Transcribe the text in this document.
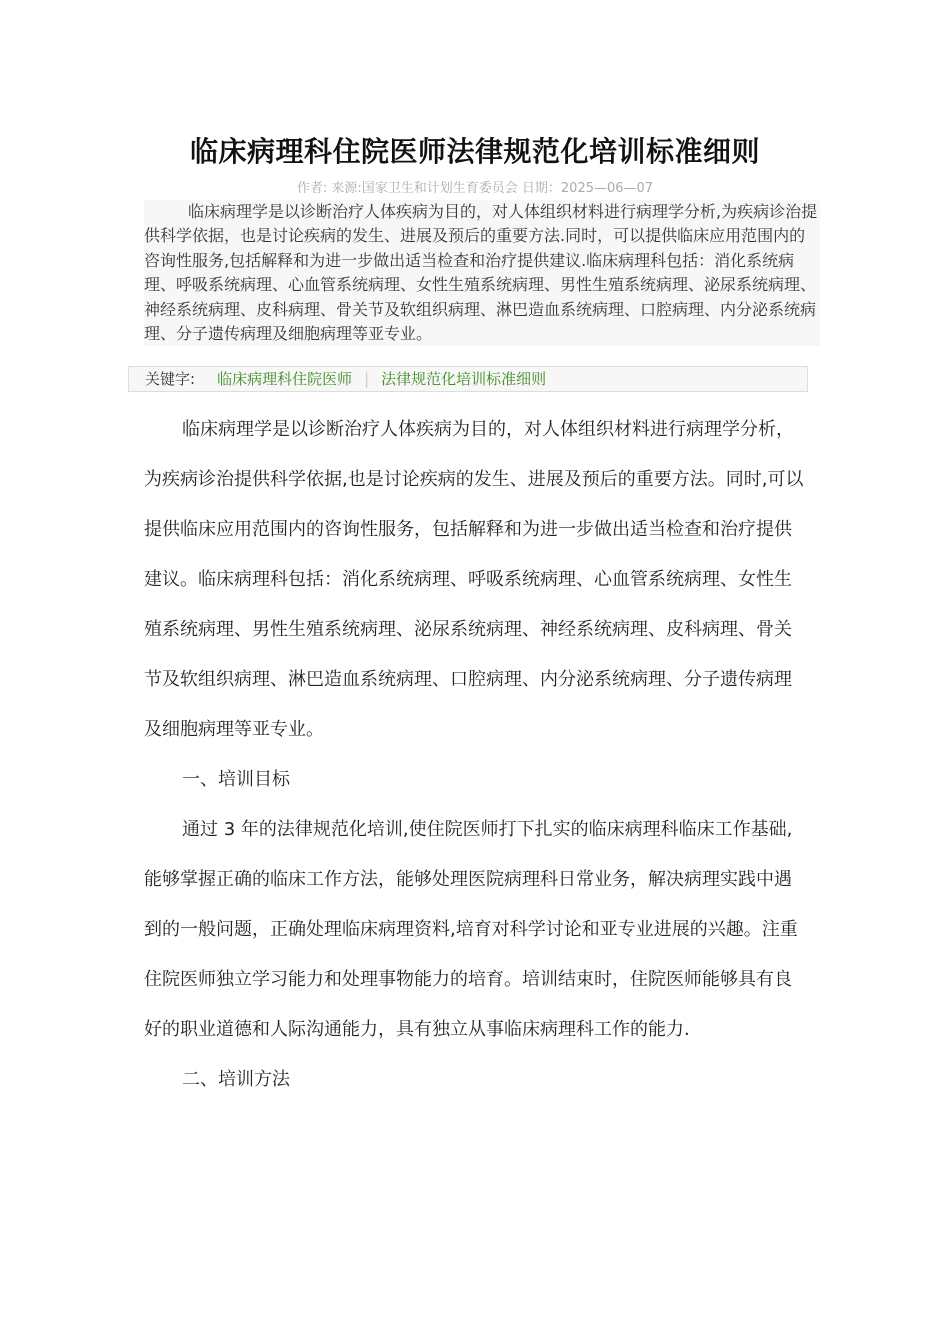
临床病理科住院医师法律规范化培训标准细则
作者: 来源:国家卫生和计划生育委员会 日期：2025—06—07

临床病理学是以诊断治疗人体疾病为目的，对人体组织材料进行病理学分析,为疾病诊治提供科学依据，也是讨论疾病的发生、进展及预后的重要方法.同时，可以提供临床应用范围内的咨询性服务,包括解释和为进一步做出适当检查和治疗提供建议.临床病理科包括：消化系统病理、呼吸系统病理、心血管系统病理、女性生殖系统病理、男性生殖系统病理、泌尿系统病理、神经系统病理、皮科病理、骨关节及软组织病理、淋巴造血系统病理、口腔病理、内分泌系统病理、分子遗传病理及细胞病理等亚专业。

关键字: 临床病理科住院医师 | 法律规范化培训标准细则

临床病理学是以诊断治疗人体疾病为目的，对人体组织材料进行病理学分析，为疾病诊治提供科学依据,也是讨论疾病的发生、进展及预后的重要方法。同时,可以提供临床应用范围内的咨询性服务，包括解释和为进一步做出适当检查和治疗提供建议。临床病理科包括：消化系统病理、呼吸系统病理、心血管系统病理、女性生殖系统病理、男性生殖系统病理、泌尿系统病理、神经系统病理、皮科病理、骨关节及软组织病理、淋巴造血系统病理、口腔病理、内分泌系统病理、分子遗传病理及细胞病理等亚专业。

一、培训目标

通过 3 年的法律规范化培训,使住院医师打下扎实的临床病理科临床工作基础,能够掌握正确的临床工作方法，能够处理医院病理科日常业务，解决病理实践中遇到的一般问题，正确处理临床病理资料,培育对科学讨论和亚专业进展的兴趣。注重住院医师独立学习能力和处理事物能力的培育。培训结束时，住院医师能够具有良好的职业道德和人际沟通能力，具有独立从事临床病理科工作的能力.

二、培训方法
